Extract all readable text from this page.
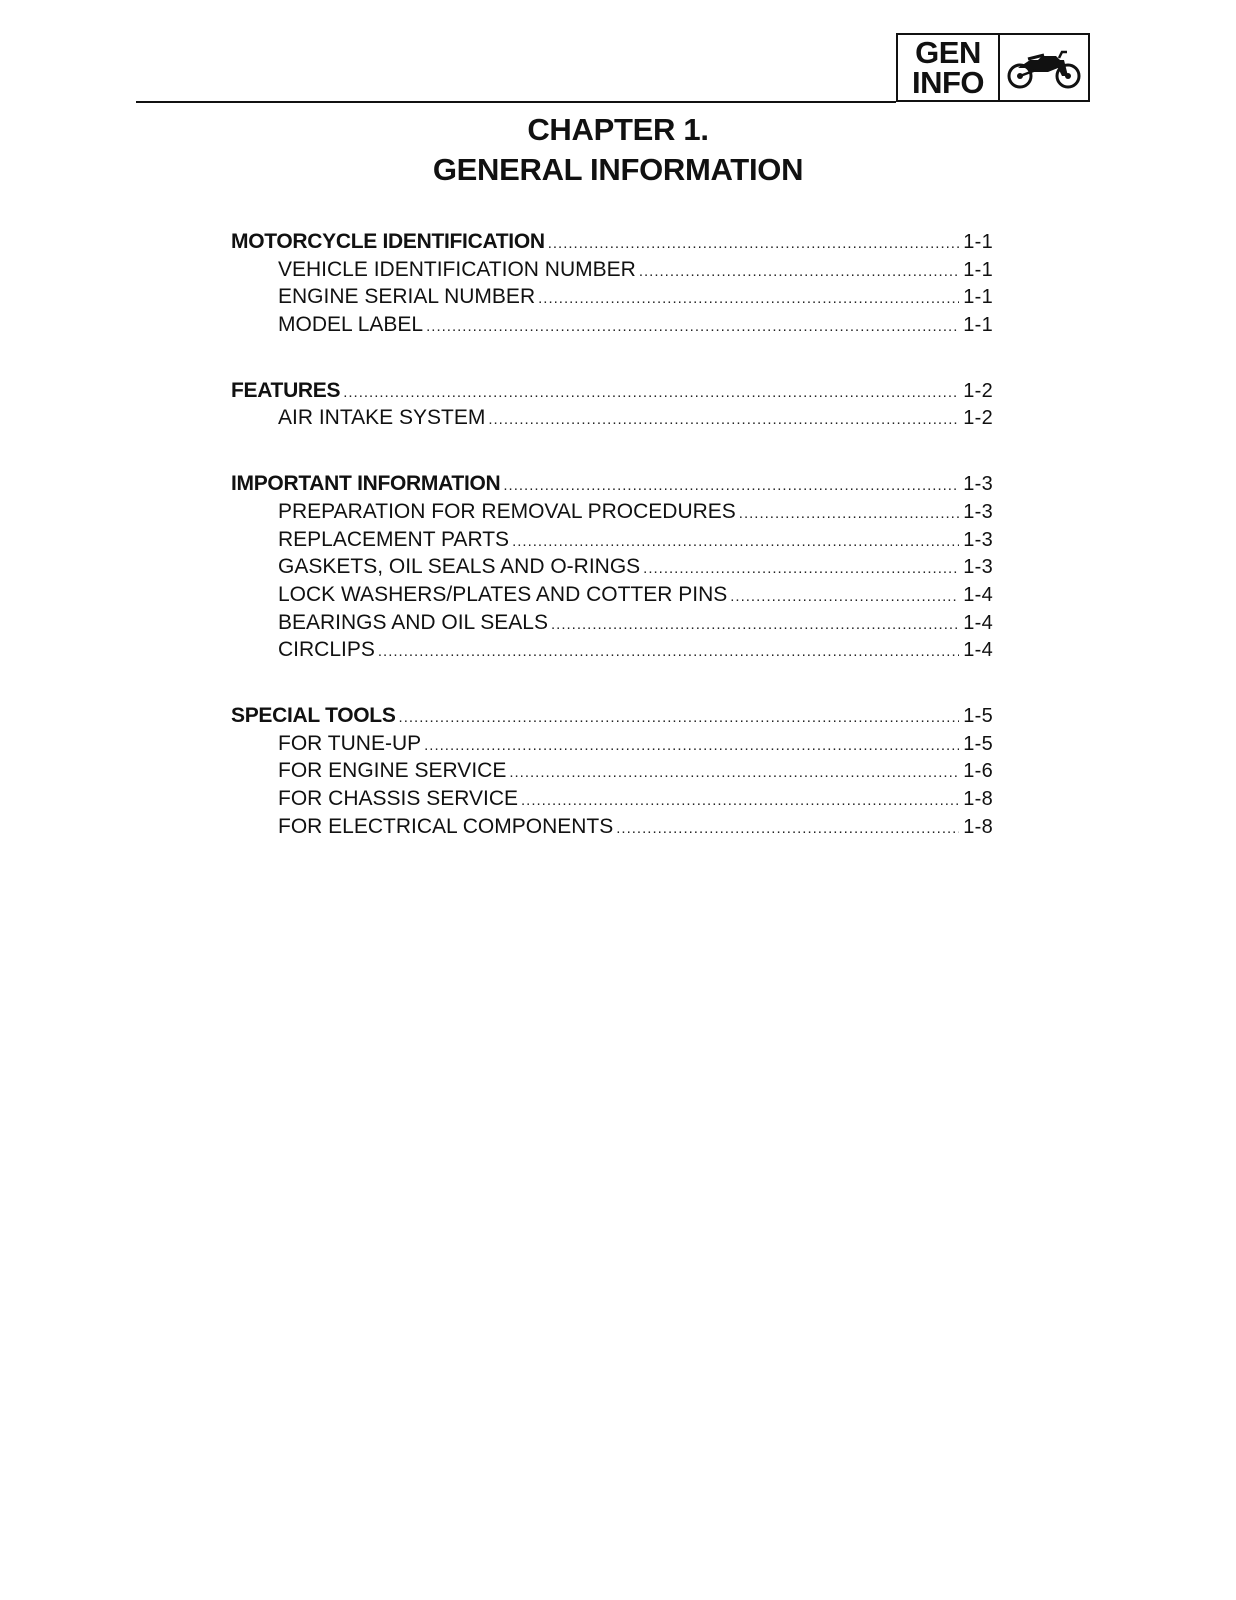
GEN
INFO
CHAPTER 1.
GENERAL INFORMATION
MOTORCYCLE IDENTIFICATION .....	1-1
VEHICLE IDENTIFICATION NUMBER .....	1-1
ENGINE SERIAL NUMBER .....	1-1
MODEL LABEL .....	1-1
FEATURES .....	1-2
AIR INTAKE SYSTEM .....	1-2
IMPORTANT INFORMATION .....	1-3
PREPARATION FOR REMOVAL PROCEDURES .....	1-3
REPLACEMENT PARTS .....	1-3
GASKETS, OIL SEALS AND O-RINGS .....	1-3
LOCK WASHERS/PLATES AND COTTER PINS .....	1-4
BEARINGS AND OIL SEALS .....	1-4
CIRCLIPS .....	1-4
SPECIAL TOOLS .....	1-5
FOR TUNE-UP .....	1-5
FOR ENGINE SERVICE .....	1-6
FOR CHASSIS SERVICE .....	1-8
FOR ELECTRICAL COMPONENTS .....	1-8
